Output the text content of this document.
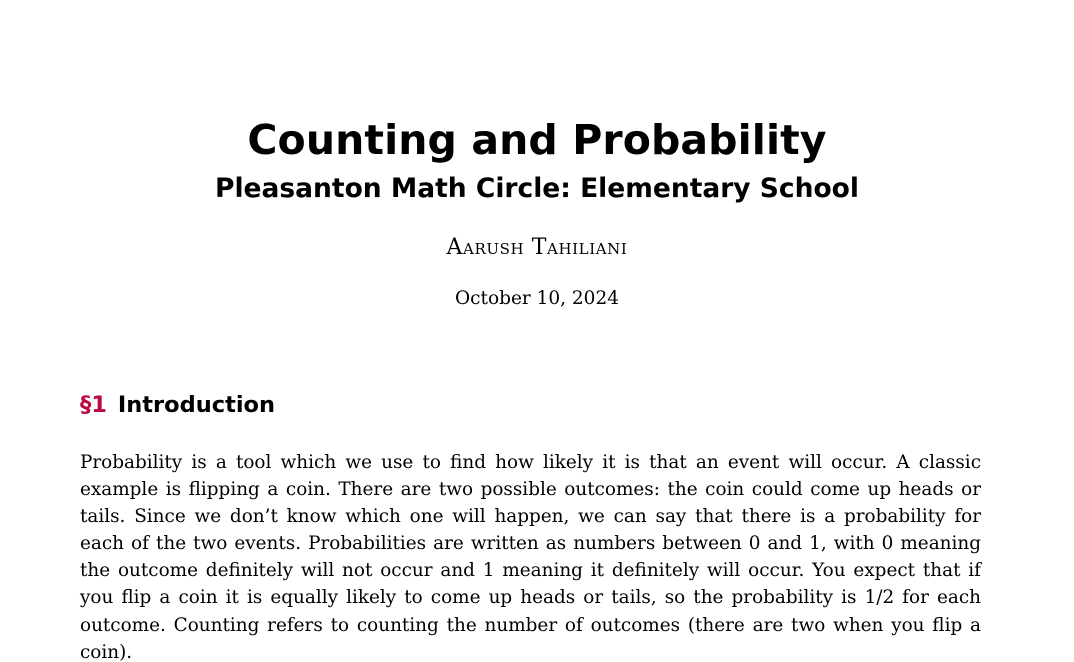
Counting and Probability
Pleasanton Math Circle: Elementary School
Aarush Tahiliani
October 10, 2024
§1 Introduction

Probability is a tool which we use to find how likely it is that an event will occur. A classic example is flipping a coin. There are two possible outcomes: the coin could come up heads or tails. Since we don’t know which one will happen, we can say that there is a probability for each of the two events. Probabilities are written as numbers between 0 and 1, with 0 meaning the outcome definitely will not occur and 1 meaning it definitely will occur. You expect that if you flip a coin it is equally likely to come up heads or tails, so the probability is 1/2 for each outcome. Counting refers to counting the number of outcomes (there are two when you flip a coin).
